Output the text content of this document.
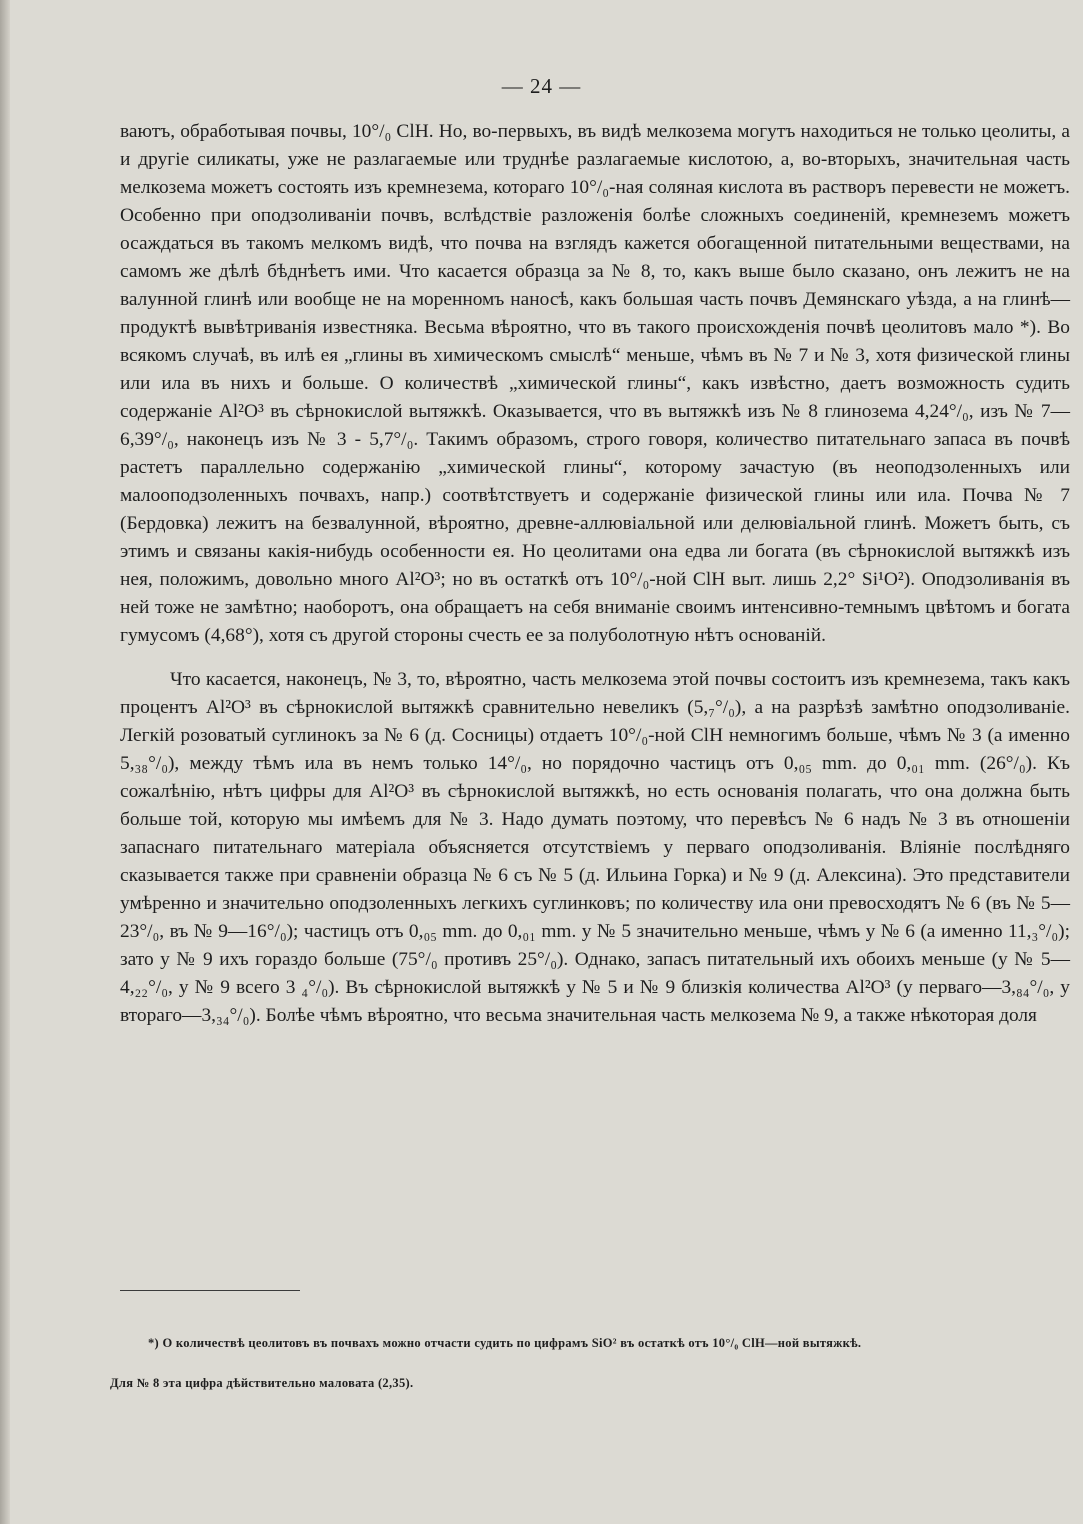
— 24 —

ваютъ, обработывая почвы, 10°/₀ ClH. Но, во-первыхъ, въ видѣ мелкозема могутъ находиться не только цеолиты, а и другіе силикаты, уже не разлагаемые или труднѣе разлагаемые кислотою, а, во-вторыхъ, значительная часть мелкозема можетъ состоять изъ кремнезема, котораго 10°/₀-ная соляная кислота въ растворъ перевести не можетъ. Особенно при оподзоливаніи почвъ, вслѣдствіе разложенія болѣе сложныхъ соединеній, кремнеземъ можетъ осаждаться въ такомъ мелкомъ видѣ, что почва на взглядъ кажется обогащенной питательными веществами, на самомъ же дѣлѣ бѣднѣетъ ими. Что касается образца за № 8, то, какъ выше было сказано, онъ лежитъ не на валунной глинѣ или вообще не на моренномъ наносѣ, какъ большая часть почвъ Демянскаго уѣзда, а на глинѣ—продуктѣ вывѣтриванія известняка. Весьма вѣроятно, что въ такого происхожденія почвѣ цеолитовъ мало *). Во всякомъ случаѣ, въ илѣ ея „глины въ химическомъ смыслѣ“ меньше, чѣмъ въ № 7 и № 3, хотя физической глины или ила въ нихъ и больше. О количествѣ „химической глины“, какъ извѣстно, даетъ возможность судить содержаніе Al²O³ въ сѣрнокислой вытяжкѣ. Оказывается, что въ вытяжкѣ изъ № 8 глинозема 4,24°/₀, изъ № 7—6,39°/₀, наконецъ изъ № 3 - 5,7°/₀. Такимъ образомъ, строго говоря, количество питательнаго запаса въ почвѣ растетъ параллельно содержанію „химической глины“, которому зачастую (въ неоподзоленныхъ или малооподзоленныхъ почвахъ, напр.) соотвѣтствуетъ и содержаніе физической глины или ила. Почва № 7 (Бердовка) лежитъ на безвалунной, вѣроятно, древне-аллювіальной или делювіальной глинѣ. Можетъ быть, съ этимъ и связаны какія-нибудь особенности ея. Но цеолитами она едва ли богата (въ сѣрнокислой вытяжкѣ изъ нея, положимъ, довольно много Al²O³; но въ остаткѣ отъ 10°/₀-ной ClH выт. лишь 2,2° Si¹O²). Оподзоливанія въ ней тоже не замѣтно; наоборотъ, она обращаетъ на себя вниманіе своимъ интенсивно-темнымъ цвѣтомъ и богата гумусомъ (4,68°), хотя съ другой стороны счесть ее за полуболотную нѣтъ основаній.

Что касается, наконецъ, № 3, то, вѣроятно, часть мелкозема этой почвы состоитъ изъ кремнезема, такъ какъ процентъ Al²O³ въ сѣрнокислой вытяжкѣ сравнительно невеликъ (5,₇°/₀), а на разрѣзѣ замѣтно оподзоливаніе. Легкій розоватый суглинокъ за № 6 (д. Сосницы) отдаетъ 10°/₀-ной ClH немногимъ больше, чѣмъ № 3 (а именно 5,₃₈°/₀), между тѣмъ ила въ немъ только 14°/₀, но порядочно частицъ отъ 0,₀₅ mm. до 0,₀₁ mm. (26°/₀). Къ сожалѣнію, нѣтъ цифры для Al²O³ въ сѣрнокислой вытяжкѣ, но есть основанія полагать, что она должна быть больше той, которую мы имѣемъ для № 3. Надо думать поэтому, что перевѣсъ № 6 надъ № 3 въ отношеніи запаснаго питательнаго матеріала объясняется отсутствіемъ у перваго оподзоливанія. Вліяніе послѣдняго сказывается также при сравненіи образца № 6 съ № 5 (д. Ильина Горка) и № 9 (д. Алексина). Это представители умѣренно и значительно оподзоленныхъ легкихъ суглинковъ; по количеству ила они превосходятъ № 6 (въ № 5—23°/₀, въ № 9—16°/₀); частицъ отъ 0,₀₅ mm. до 0,₀₁ mm. у № 5 значительно меньше, чѣмъ у № 6 (а именно 11,₃°/₀); зато у № 9 ихъ гораздо больше (75°/₀ противъ 25°/₀). Однако, запасъ питательный ихъ обоихъ меньше (у № 5—4,₂₂°/₀, у № 9 всего 3 ₄°/₀). Въ сѣрнокислой вытяжкѣ у № 5 и № 9 близкія количества Al²O³ (у перваго—3,₈₄°/₀, у втораго—3,₃₄°/₀). Болѣе чѣмъ вѣроятно, что весьма значительная часть мелкозема № 9, а также нѣкоторая доля

*) О количествѣ цеолитовъ въ почвахъ можно отчасти судить по цифрамъ SiO² въ остаткѣ отъ 10°/₀ ClH—ной вытяжкѣ.

Для № 8 эта цифра дѣйствительно маловата (2,35).
